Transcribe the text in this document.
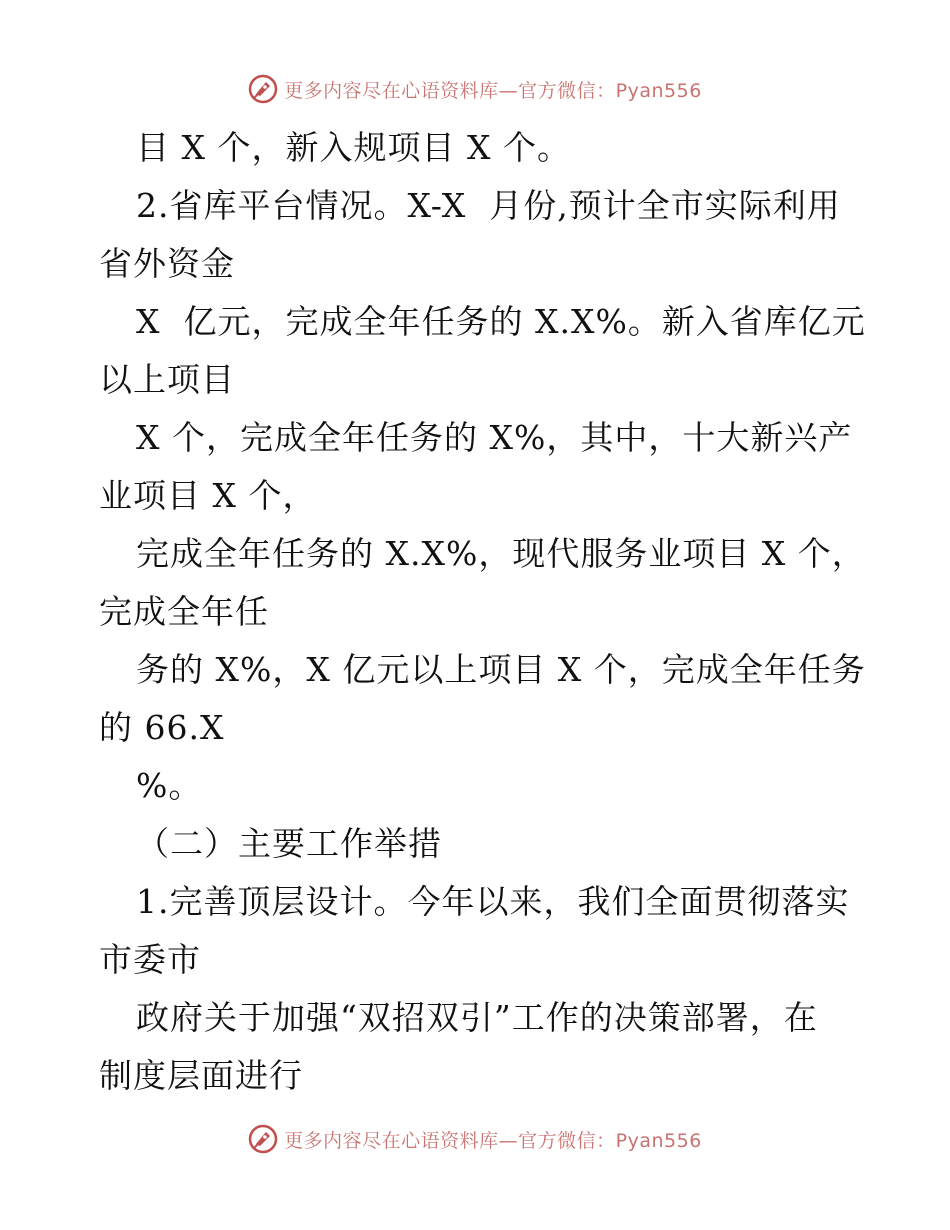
更多内容尽在心语资料库—官方微信：Pyan556
目 X 个，新入规项目 X 个。
2.省库平台情况。X-X  月份,预计全市实际利用
省外资金
X  亿元，完成全年任务的 X.X%。新入省库亿元
以上项目
X 个，完成全年任务的 X%，其中，十大新兴产
业项目 X 个，
完成全年任务的 X.X%，现代服务业项目 X 个，
完成全年任
务的 X%，X 亿元以上项目 X 个，完成全年任务
的 66.X
%。
（二）主要工作举措
1.完善顶层设计。今年以来，我们全面贯彻落实
市委市
政府关于加强“双招双引”工作的决策部署，在
制度层面进行
更多内容尽在心语资料库—官方微信：Pyan556
